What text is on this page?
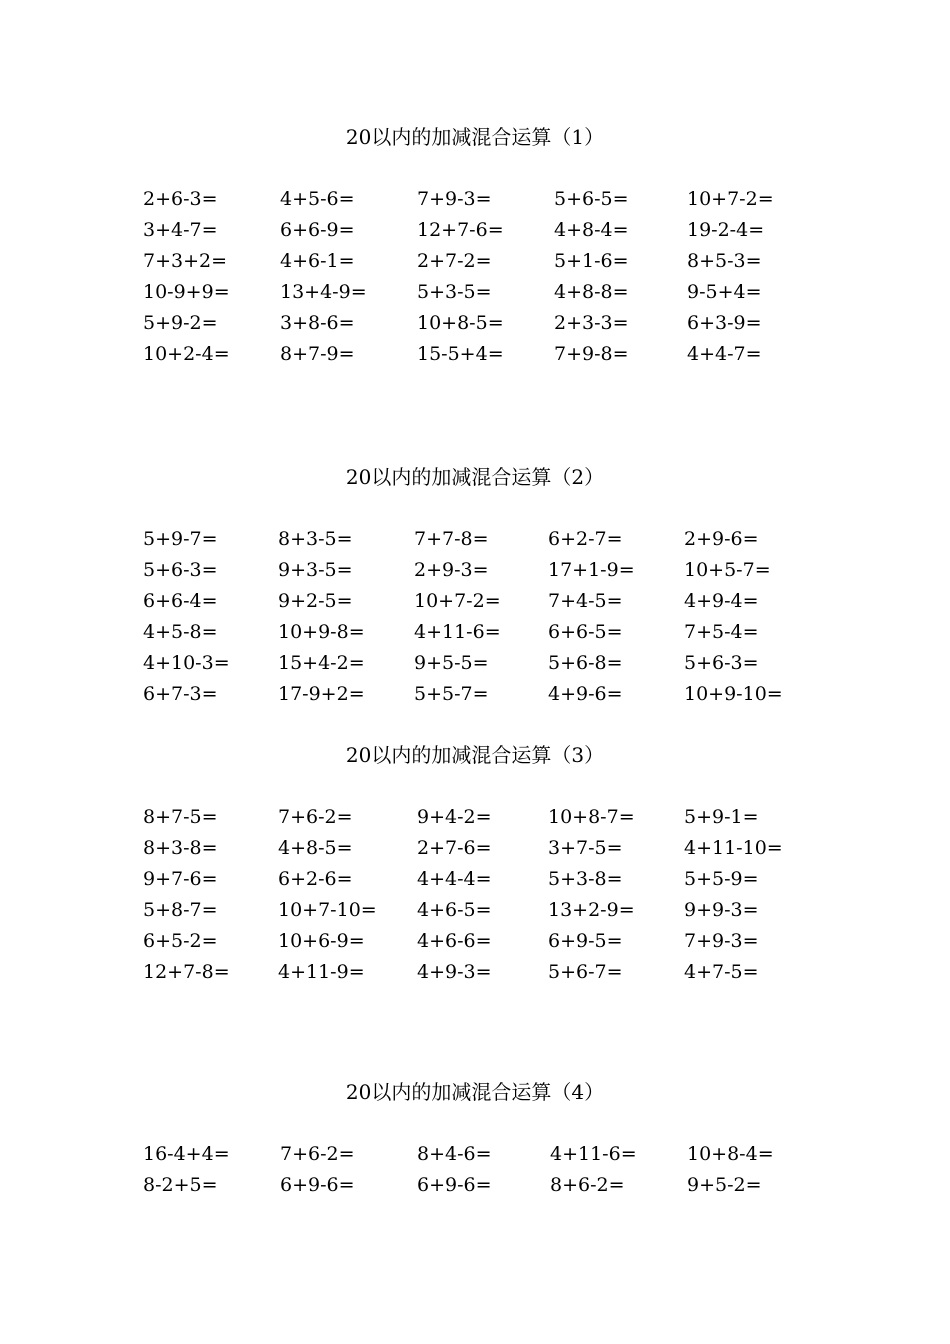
20以内的加减混合运算（1）
2+6-3=	4+5-6=	7+9-3=	5+6-5=	10+7-2=
3+4-7=	6+6-9=	12+7-6=	4+8-4=	19-2-4=
7+3+2=	4+6-1=	2+7-2=	5+1-6=	8+5-3=
10-9+9=	13+4-9=	5+3-5=	4+8-8=	9-5+4=
5+9-2=	3+8-6=	10+8-5=	2+3-3=	6+3-9=
10+2-4=	8+7-9=	15-5+4=	7+9-8=	4+4-7=
20以内的加减混合运算（2）
5+9-7=	8+3-5=	7+7-8=	6+2-7=	2+9-6=
5+6-3=	9+3-5=	2+9-3=	17+1-9=	10+5-7=
6+6-4=	9+2-5=	10+7-2= 7+4-5=	4+9-4=
4+5-8=	10+9-8=	4+11-6= 6+6-5=	7+5-4=
4+10-3=	15+4-2=	9+5-5=	5+6-8=	5+6-3=
6+7-3=	17-9+2=	5+5-7=	4+9-6=	10+9-10=
20以内的加减混合运算（3）
8+7-5=	7+6-2=	9+4-2=	10+8-7=	5+9-1=
8+3-8=	4+8-5=	2+7-6=	3+7-5=	4+11-10=
9+7-6=	6+2-6=	4+4-4=	5+3-8=	5+5-9=
5+8-7=	10+7-10= 4+6-5=	13+2-9=	9+9-3=
6+5-2=	10+6-9=	4+6-6=	6+9-5=	7+9-3=
12+7-8=	4+11-9=	4+9-3=	5+6-7=	4+7-5=
20以内的加减混合运算（4）
16-4+4=	7+6-2=	8+4-6=	4+11-6=	10+8-4=
8-2+5=	6+9-6=	6+9-6=	8+6-2=	9+5-2=
